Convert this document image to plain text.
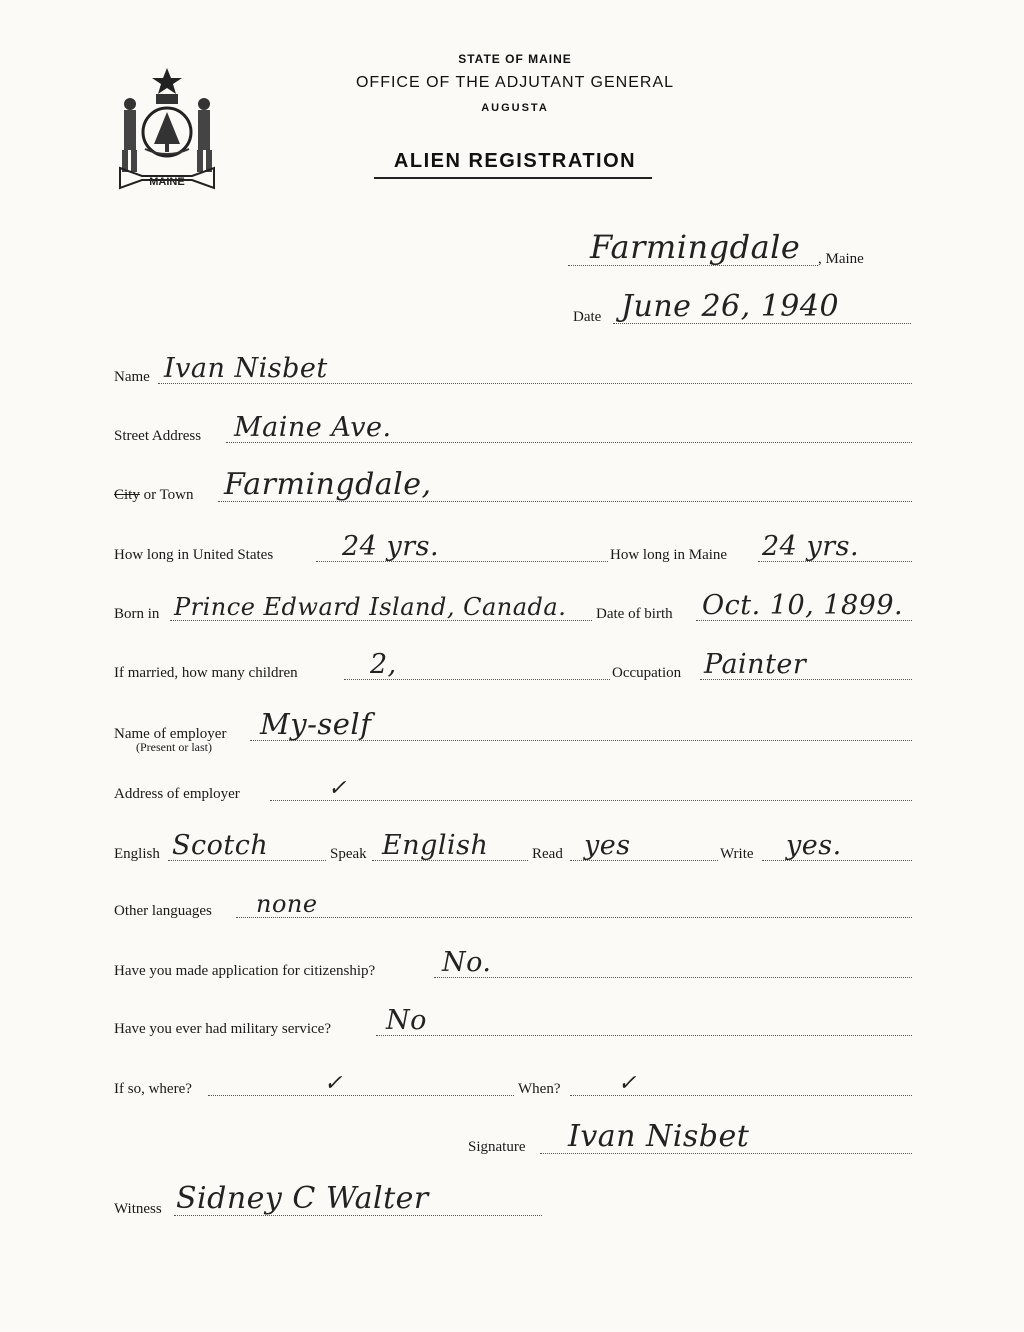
MAINE
STATE OF MAINE
OFFICE OF THE ADJUTANT GENERAL
AUGUSTA
ALIEN REGISTRATION
Farmingdale , Maine
Date June 26, 1940
Name Ivan Nisbet
Street Address Maine Ave.
City or Town Farmingdale,
How long in United States	24 yrs.	How long in Maine 24 yrs.
Born in Prince Edward Island, Canada. Date of birth Oct. 10, 1899.
If married, how many children	2,	Occupation Painter
Name of employer My-self
(Present or last)
Address of employer	✓
English Scotch	Speak English	Read yes	Write yes.
Other languages none
Have you made application for citizenship? No.
Have you ever had military service? No
If so, where?	✓	When?	✓
Signature Ivan Nisbet
Witness Sidney C Walter
